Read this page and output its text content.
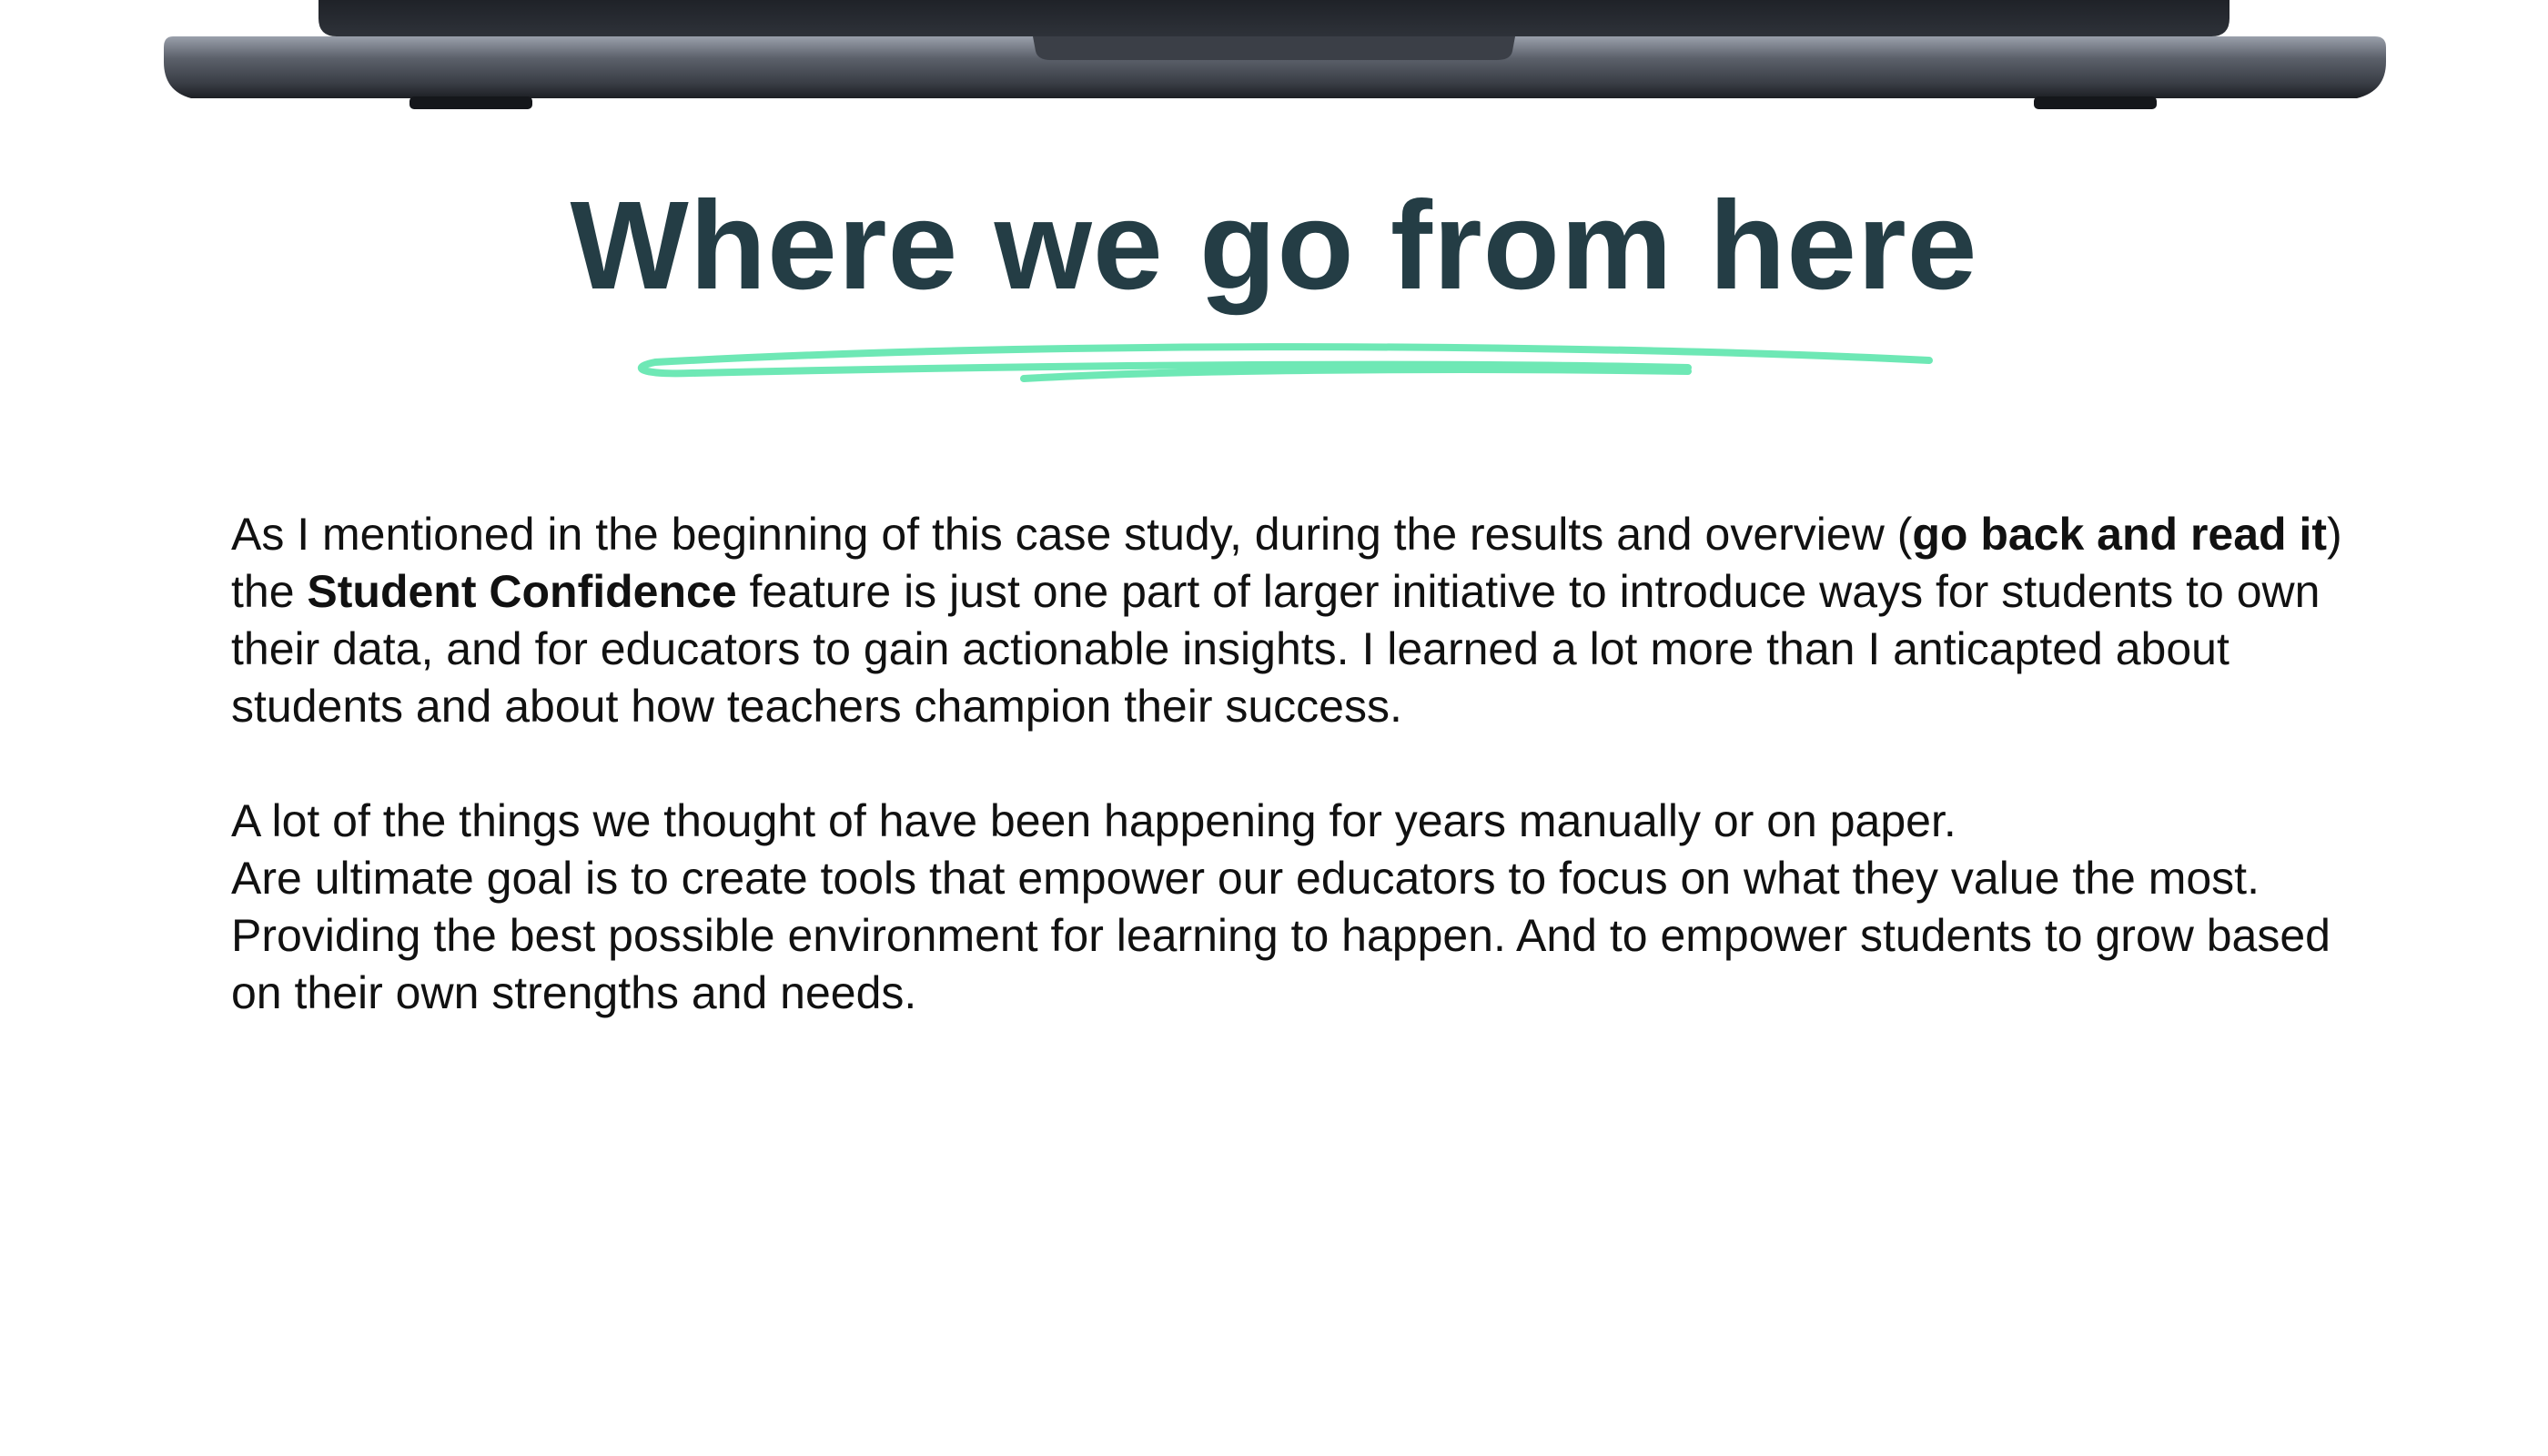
Where we go from here

As I mentioned in the beginning of this case study, during the results and overview (go back and read it) the Student Confidence feature is just one part of larger initiative to introduce ways for students to own their data, and for educators to gain actionable insights. I learned a lot more than I anticapted about students and about how teachers champion their success.

A lot of the things we thought of have been happening for years manually or on paper.
Are ultimate goal is to create tools that empower our educators to focus on what they value the most. Providing the best possible environment for learning to happen. And to empower students to grow based on their own strengths and needs.
